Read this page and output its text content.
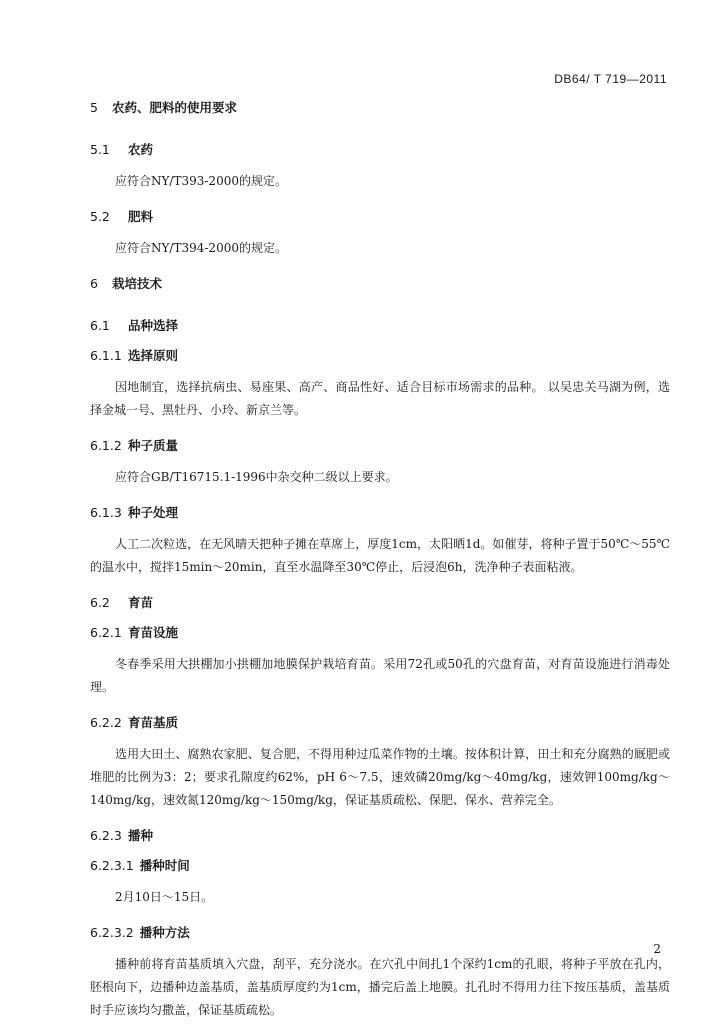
DB64/ T 719—2011
5 农药、肥料的使用要求
5.1 农药

应符合NY/T393-2000的规定。

5.2 肥料

应符合NY/T394-2000的规定。

6 栽培技术
6.1 品种选择
6.1.1 选择原则

因地制宜，选择抗病虫、易座果、高产、商品性好、适合目标市场需求的品种。 以吴忠关马湖为例，选择金城一号、黑牡丹、小玲、新京兰等。

6.1.2 种子质量

应符合GB/T16715.1-1996中杂交种二级以上要求。

6.1.3 种子处理

人工二次粒选，在无风晴天把种子摊在草席上，厚度1cm，太阳晒1d。如催芽，将种子置于50℃～55℃的温水中，搅拌15min～20min，直至水温降至30℃停止，后浸泡6h，洗净种子表面粘液。

6.2 育苗
6.2.1 育苗设施

冬春季采用大拱棚加小拱棚加地膜保护栽培育苗。采用72孔或50孔的穴盘育苗，对育苗设施进行消毒处理。

6.2.2 育苗基质

选用大田土、腐熟农家肥、复合肥，不得用种过瓜菜作物的土壤。按体积计算，田土和充分腐熟的厩肥或堆肥的比例为3：2；要求孔隙度约62%，pH 6～7.5，速效磷20mg/kg～40mg/kg，速效钾100mg/kg～140mg/kg，速效氮120mg/kg～150mg/kg，保证基质疏松、保肥、保水、营养完全。

6.2.3 播种
6.2.3.1 播种时间

2月10日～15日。

6.2.3.2 播种方法

播种前将育苗基质填入穴盘，刮平，充分浇水。在穴孔中间扎1个深约1cm的孔眼，将种子平放在孔内，胚根向下，边播种边盖基质，盖基质厚度约为1cm，播完后盖上地膜。扎孔时不得用力往下按压基质，盖基质时手应该均匀撒盖，保证基质疏松。

2
